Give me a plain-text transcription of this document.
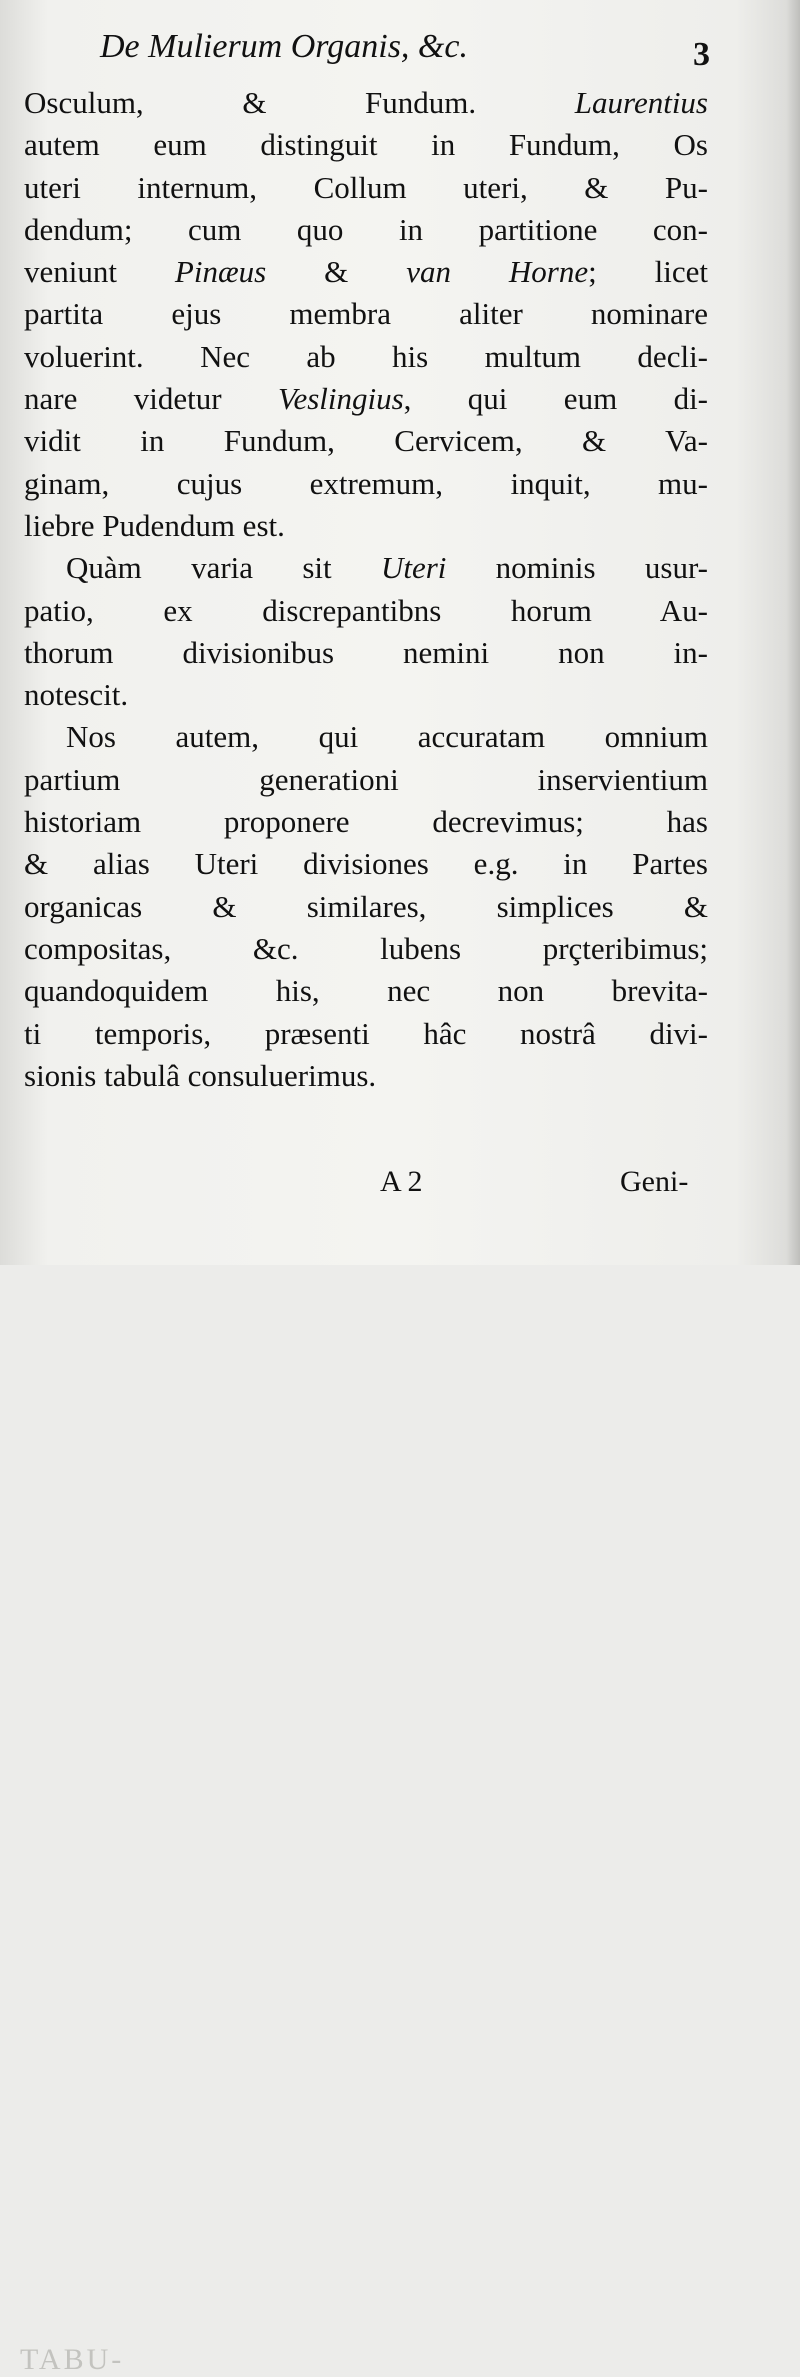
De Mulierum Organis, &c.	3
Osculum, & Fundum. Laurentius
autem eum distinguit in Fundum, Os
uteri internum, Collum uteri, & Pu-
dendum; cum quo in partitione con-
veniunt Pinæus & van Horne; licet
partita ejus membra aliter nominare
voluerint. Nec ab his multum decli-
nare videtur Veslingius, qui eum di-
vidit in Fundum, Cervicem, & Va-
ginam, cujus extremum, inquit, mu-
liebre Pudendum est.
Quàm varia sit Uteri nominis usur-
patio, ex discrepantibns horum Au-
thorum divisionibus nemini non in-
notescit.
Nos autem, qui accuratam omnium
partium generationi inservientium
historiam proponere decrevimus; has
& alias Uteri divisiones e.g. in Partes
organicas & similares, simplices &
compositas, &c. lubens prçteribimus;
quandoquidem his, nec non brevita-
ti temporis, præsenti hâc nostrâ divi-
sionis tabulâ consuluerimus.
TABU-
A 2	Geni-
